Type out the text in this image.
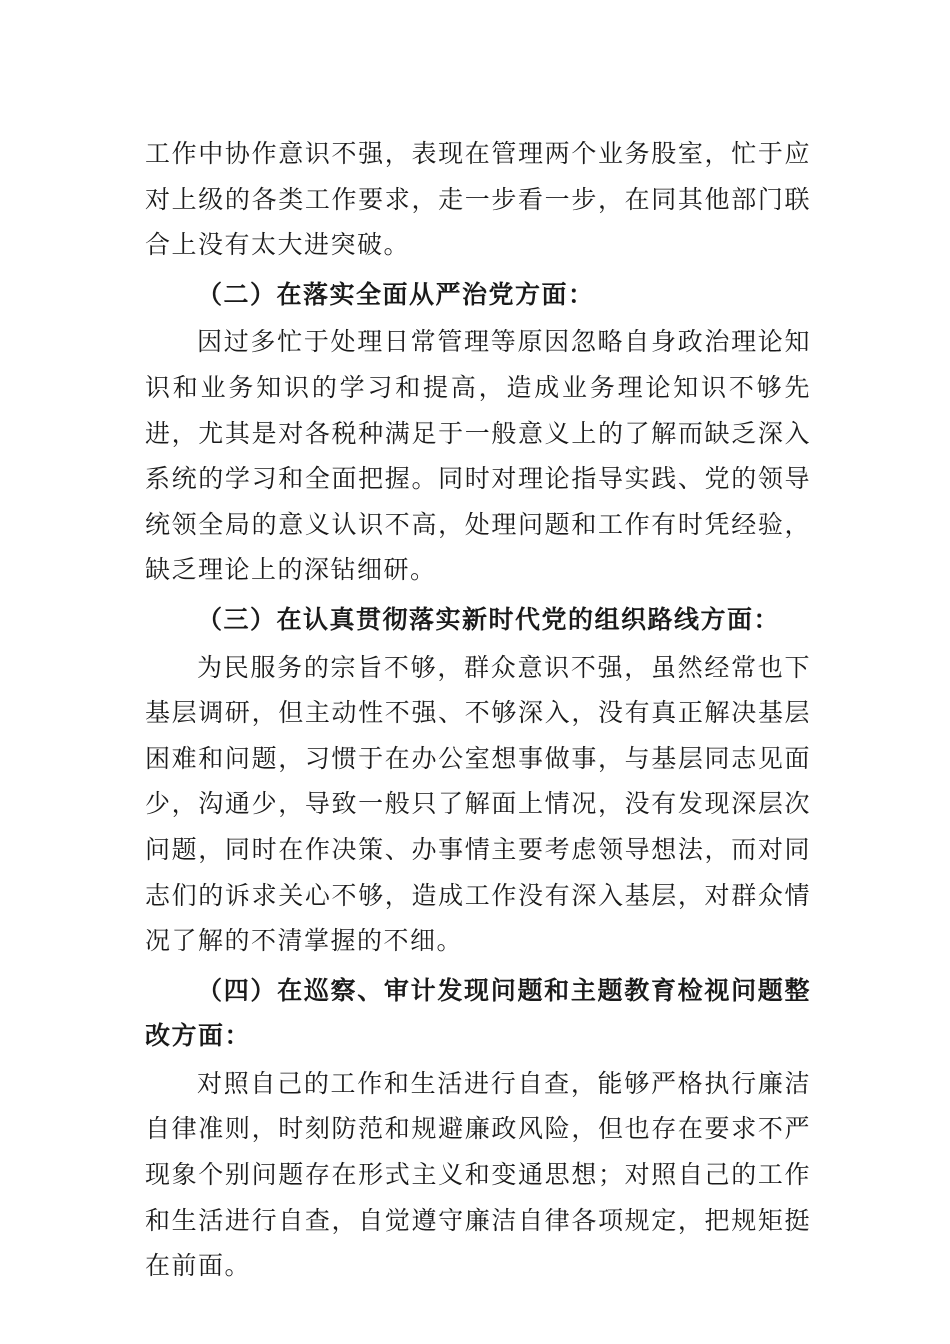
工作中协作意识不强，表现在管理两个业务股室，忙于应对上级的各类工作要求，走一步看一步，在同其他部门联合上没有太大进突破。

（二）在落实全面从严治党方面：

因过多忙于处理日常管理等原因忽略自身政治理论知识和业务知识的学习和提高，造成业务理论知识不够先进，尤其是对各税种满足于一般意义上的了解而缺乏深入系统的学习和全面把握。同时对理论指导实践、党的领导统领全局的意义认识不高，处理问题和工作有时凭经验，缺乏理论上的深钻细研。

（三）在认真贯彻落实新时代党的组织路线方面：

为民服务的宗旨不够，群众意识不强，虽然经常也下基层调研，但主动性不强、不够深入，没有真正解决基层困难和问题，习惯于在办公室想事做事，与基层同志见面少，沟通少，导致一般只了解面上情况，没有发现深层次问题，同时在作决策、办事情主要考虑领导想法，而对同志们的诉求关心不够，造成工作没有深入基层，对群众情况了解的不清掌握的不细。

（四）在巡察、审计发现问题和主题教育检视问题整改方面：

对照自己的工作和生活进行自查，能够严格执行廉洁自律准则，时刻防范和规避廉政风险，但也存在要求不严现象个别问题存在形式主义和变通思想；对照自己的工作和生活进行自查，自觉遵守廉洁自律各项规定，把规矩挺在前面。
